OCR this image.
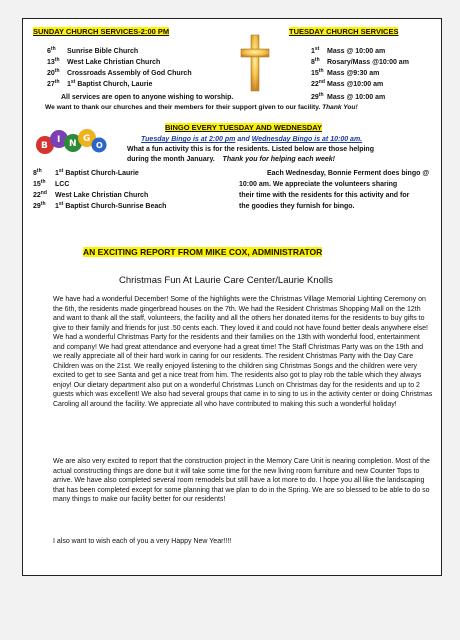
SUNDAY CHURCH SERVICES-2:00 PM
6th Sunrise Bible Church
13th West Lake Christian Church
20th Crossroads Assembly of God Church
27th 1st Baptist Church, Laurie
All services are open to anyone wishing to worship.
We want to thank our churches and their members for their support given to our facility. Thank You!
TUESDAY CHURCH SERVICES
1st Mass @ 10:00 am
8th Rosary/Mass @10:00 am
15th Mass @9:30 am
22nd Mass @10:00 am
29th Mass @ 10:00 am
B
I N G
O
BINGO EVERY TUESDAY AND WEDNESDAY
Tuesday Bingo is at 2:00 pm and Wednesday Bingo is at 10:00 am.
What a fun activity this is for the residents. Listed below are those helping
during the month January. Thank you for helping each week!
8th 1st Baptist Church-Laurie
15th LCC
22nd West Lake Christian Church
29th 1st Baptist Church-Sunrise Beach
Each Wednesday, Bonnie Ferment does bingo @
10:00 am. We appreciate the volunteers sharing
their time with the residents for this activity and for
the goodies they furnish for bingo.
AN EXCITING REPORT FROM MIKE COX, ADMINISTRATOR
Christmas Fun At Laurie Care Center/Laurie Knolls

We have had a wonderful December! Some of the highlights were the Christmas Village Memorial Lighting Ceremony on the 6th, the residents made gingerbread houses on the 7th. We had the Resident Christmas Shopping Mall on the 12th and want to thank all the staff, volunteers, the facility and all the others her donated items for the residents to buy gifts to give to their family and friends for just .50 cents each. They loved it and could not have found better deals anywhere else! We had a wonderful Christmas Party for the residents and their families on the 13th with wonderful food, entertainment and company! We had great attendance and everyone had a great time! The Staff Christmas Party was on the 19th and we really appreciate all of their hard work in caring for our residents. The resident Christmas Party with the Day Care Children was on the 21st. We really enjoyed listening to the children sing Christmas Songs and the children were very excited to get to see Santa and get a nice treat from him. The residents also got to play rob the table which they always enjoy! Our dietary department also put on a wonderful Christmas Lunch on Christmas day for the residents and up to 2 guests which was excellent! We also had several groups that came in to sing to us in the activity center or doing Christmas Caroling all around the facility. We appreciate all who have contributed to making this such a wonderful holiday!

We are also very excited to report that the construction project in the Memory Care Unit is nearing completion. Most of the actual constructing things are done but it will take some time for the new living room furniture and new Counter Tops to arrive. We have also completed several room remodels but still have a lot more to do. I hope you all like the landscaping that has been completed except for some planning that we plan to do in the Spring. We are so blessed to be able to do so many things to make our facility better for our residents!

I also want to wish each of you a very Happy New Year!!!!
